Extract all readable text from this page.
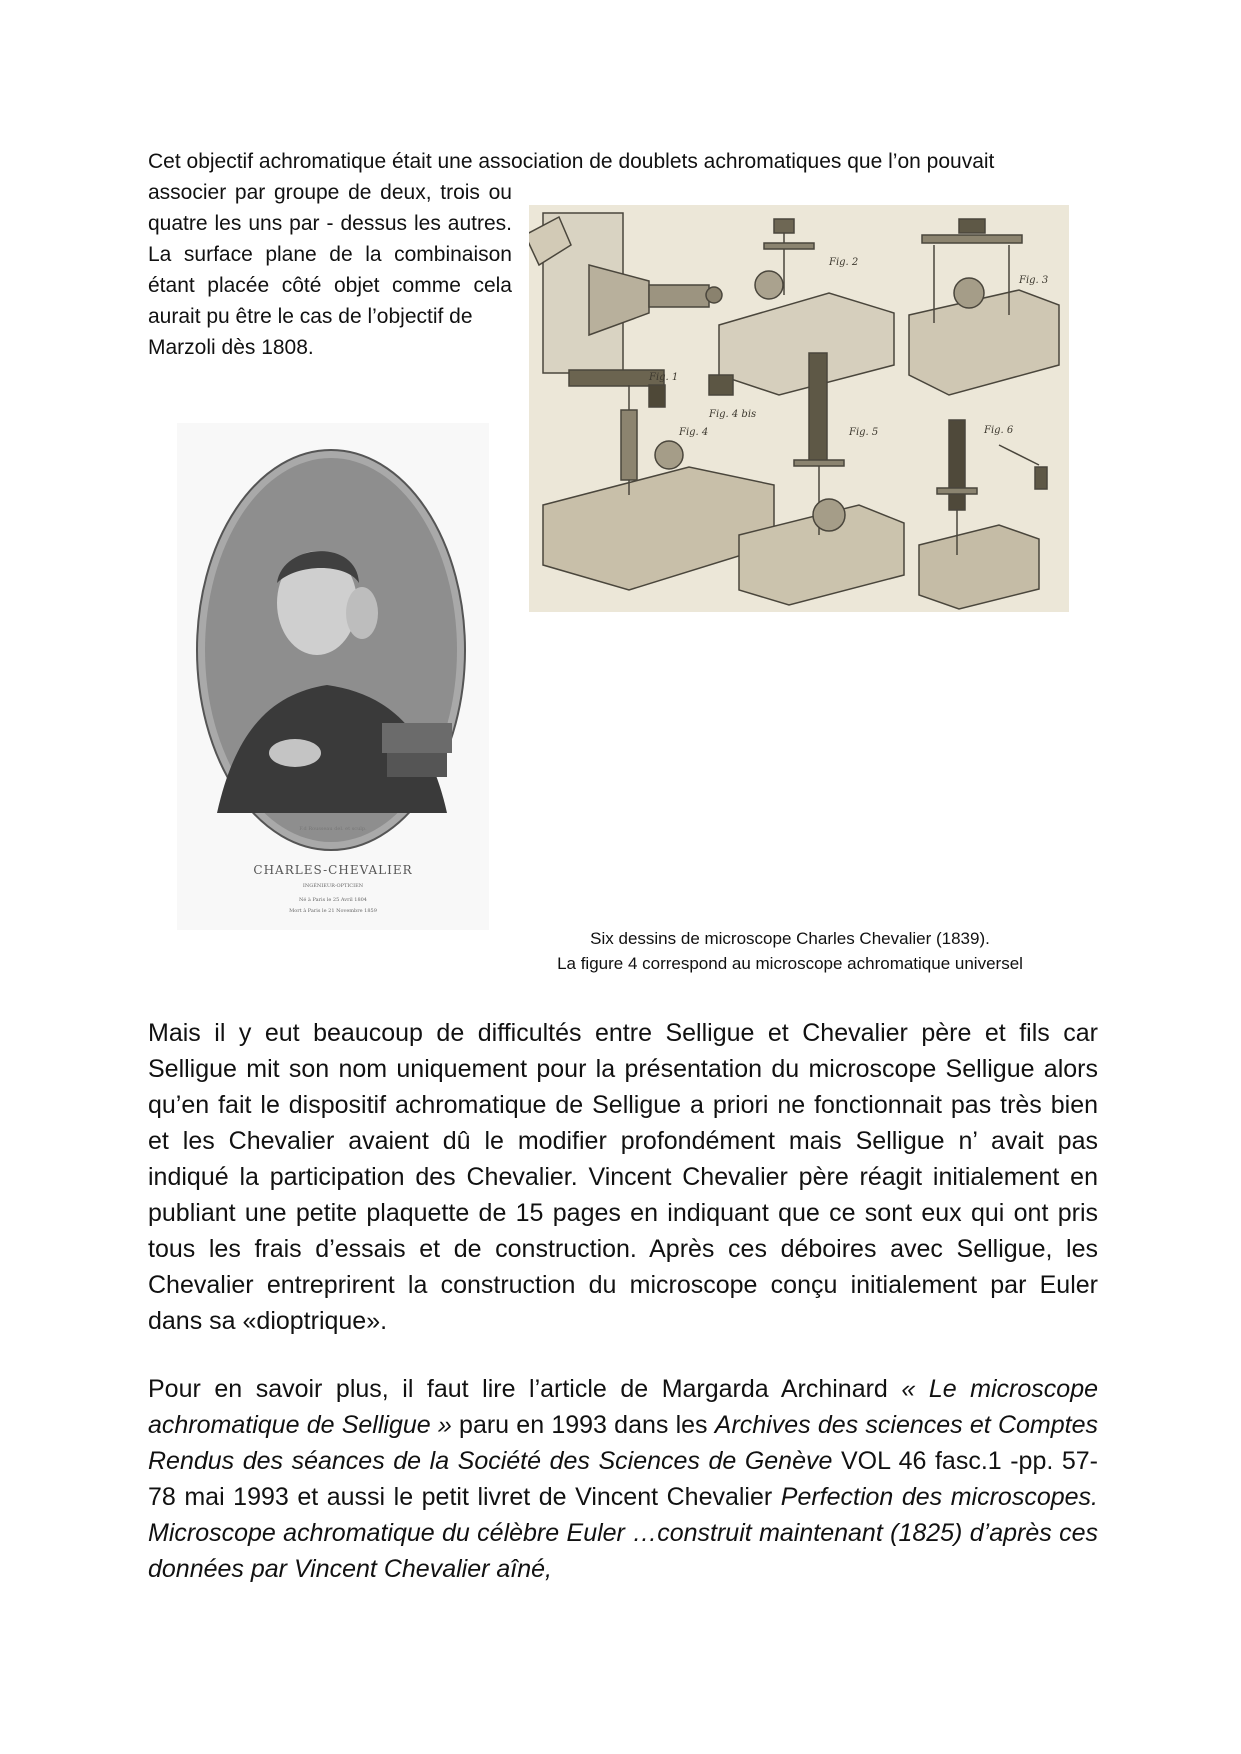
Cet objectif achromatique était une association de doublets achromatiques que l’on pouvait

associer par groupe de deux, trois ou quatre les uns par - dessus les autres. La surface plane de la combinaison étant placée côté objet comme cela aurait pu être le cas de l’objectif de
Marzoli dès 1808.

Fig. 1
Fig. 2
Fig. 3
Fig. 4	Fig. 5	Fig. 6
Fig. 4 bis
F.d Rousseau del. et sculp.
CHARLES-CHEVALIER
INGÉNIEUR-OPTICIEN
Né à Paris le 25 Avril 1804
Mort à Paris le 21 Novembre 1859
Six dessins de microscope Charles Chevalier (1839).
La figure 4 correspond au microscope achromatique universel

Mais il y eut beaucoup de difficultés entre Selligue et Chevalier père et fils car Selligue mit son nom uniquement pour la présentation du microscope Selligue alors qu’en fait le dispositif achromatique de Selligue a priori ne fonctionnait pas très bien et les Chevalier avaient dû le modifier profondément mais Selligue n’ avait pas indiqué la participation des Chevalier. Vincent Chevalier père réagit initialement en publiant une petite plaquette de 15 pages en indiquant que ce sont eux qui ont pris tous les frais d’essais et de construction. Après ces déboires avec Selligue, les Chevalier entreprirent la construction du microscope conçu initialement par Euler dans sa «dioptrique».

Pour en savoir plus, il faut lire l’article de Margarda Archinard « Le microscope achromatique de Selligue » paru en 1993 dans les Archives des sciences et Comptes Rendus des séances de la Société des Sciences de Genève VOL 46 fasc.1 -pp. 57-78 mai 1993 et aussi le petit livret de Vincent Chevalier Perfection des microscopes. Microscope achromatique du célèbre Euler …construit maintenant (1825) d’après ces données par Vincent Chevalier aîné,
